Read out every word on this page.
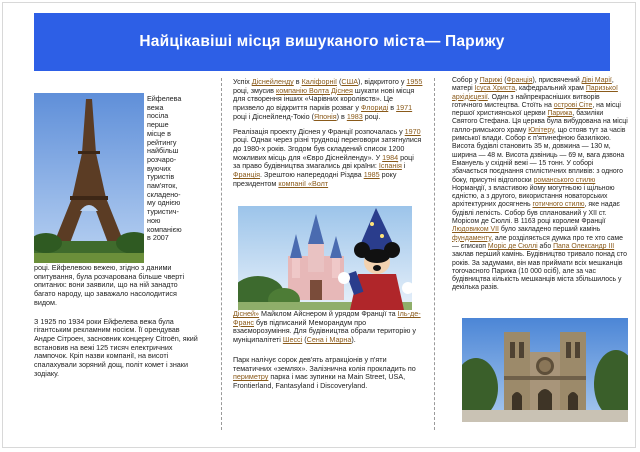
Найцікавіші місця вишуканого міста— Парижу
Ейфелева
вежа
посіла
перше
місце в
рейтингу
найбільш
розчаро-
вуючих
туристів
пам'яток,
складено-
му однією
туристич-
ною
компанією
в 2007

році. Ейфелевою вежею, згідно з даними опитування, була розчарована більше чверті опитаних: вони заявили, що на ній занадто багато народу, що заважало насолодитися видом.

З 1925 по 1934 роки Ейфелева вежа була гігантським рекламним носієм. Її орендував Андре Сітроен, засновник концерну Citroën, який встановив на вежі 125 тисяч електричних лампочок. Кріп назви компанії, на висоті спалахували зоряний дощ, політ комет і знаки зодіаку.

Успіх Діснейленду в Каліфорнії (США), відкритого у 1955 році, змусив компанію Волта Діснея шукати нові місця для створення інших «Чарівних королівств». Це призвело до відкриття парків розваг у Флориді в 1971 році і Діснейленд-Токіо (Японія) в 1983 році.

Реалізація проекту Діснея у Франції розпочалась у 1970 році. Однак через різні трудноці переговори затягнулися до 1980-х років. Згодом був складений список 1200 можливих місць для «Євро Діснейленду». У 1984 році за право будівництва змагались дві країни: Іспанія і Франція. Зрештою напередодні Різдва 1985 року президентом компанії «Волт

Дісней» Майклом Айснером й урядом Франції та Іль-де-Франс був підписаний Меморандум про взаєморозуміння. Для будівництва обрали територію у муніципалітеті Шессі (Сена і Марна).

Парк налічує сорок дев'ять атракціонів у п'яти тематичних «землях». Залізнична колія прокладить по периметру парка і має зупинки на Main Street, USA, Frontierland, Fantasyland і Discoveryland.

Собор у Парижі (Франція), присвячений Діві Марії, матері Ісуса Христа, кафедральний храм Паризької архідієцезії. Один з найпрекрасніших витворів готичного мистецтва. Стоїть на острові Сіте, на місці першої християнської церкви Парижа, базиліки Святого Стефана. Ця церква була вибудована на місці галло-римського храму Юпітеру, що стояв тут за часів римської влади. Собор є п'ятинефною базилікою. Висота будівлі становить 35 м, довжина — 130 м, ширина — 48 м. Висота дзвіниць — 69 м, вага дзвона Емануель у східній вежі — 15 тонн. У соборі збачається поєднання стилістичних впливів: з одного боку, присутні відголоски романського стилю Нормандії, з властивою йому могутньою і щільною єдністю, а з другого, використання новаторських архітектурних досягнень готичного стилю, яке надає будівлі легкість. Собор був спланований у XII ст. Морісом де Сюллі. В 1163 році королем Франції Людовиком VII було закладено перший камінь фундаменту, але розділяється думка про те хто саме — єпископ Моріс де Сюллі або Папа Олександр III заклав перший камінь. Будівництво тривало понад сто років. За задумами, він мав приймати всіх мешканців тогочасного Парижа (10 000 осіб), але за час будівництва кількість мешканців міста збільшилось у декілька разів.
